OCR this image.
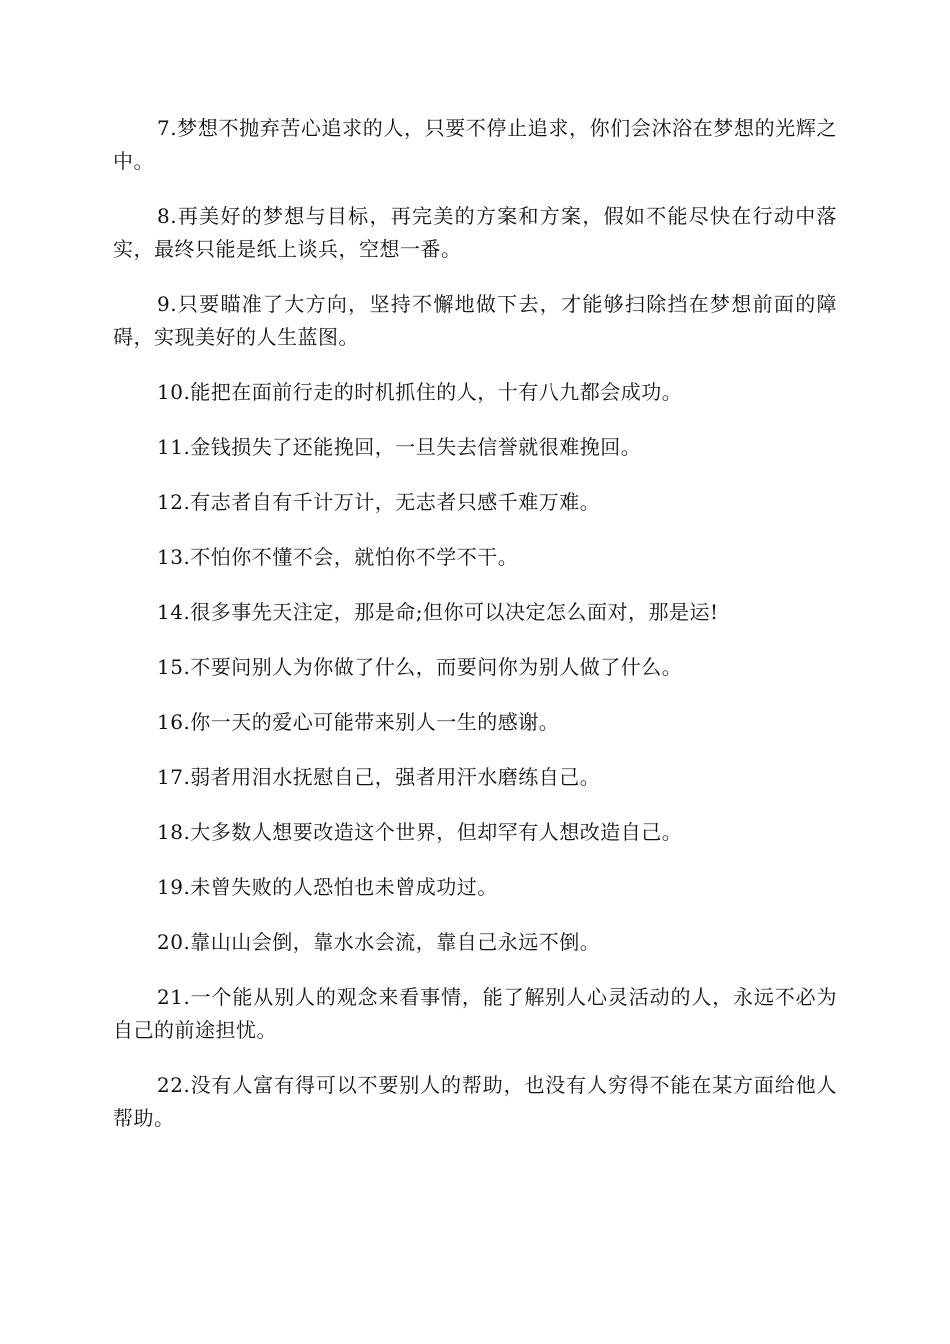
7.梦想不抛弃苦心追求的人，只要不停止追求，你们会沐浴在梦想的光辉之中。

8.再美好的梦想与目标，再完美的方案和方案，假如不能尽快在行动中落实，最终只能是纸上谈兵，空想一番。

9.只要瞄准了大方向，坚持不懈地做下去，才能够扫除挡在梦想前面的障碍，实现美好的人生蓝图。

10.能把在面前行走的时机抓住的人，十有八九都会成功。

11.金钱损失了还能挽回，一旦失去信誉就很难挽回。

12.有志者自有千计万计，无志者只感千难万难。

13.不怕你不懂不会，就怕你不学不干。

14.很多事先天注定，那是命;但你可以决定怎么面对，那是运!

15.不要问别人为你做了什么，而要问你为别人做了什么。

16.你一天的爱心可能带来别人一生的感谢。

17.弱者用泪水抚慰自己，强者用汗水磨练自己。

18.大多数人想要改造这个世界，但却罕有人想改造自己。

19.未曾失败的人恐怕也未曾成功过。

20.靠山山会倒，靠水水会流，靠自己永远不倒。

21.一个能从别人的观念来看事情，能了解别人心灵活动的人，永远不必为自己的前途担忧。

22.没有人富有得可以不要别人的帮助，也没有人穷得不能在某方面给他人帮助。
